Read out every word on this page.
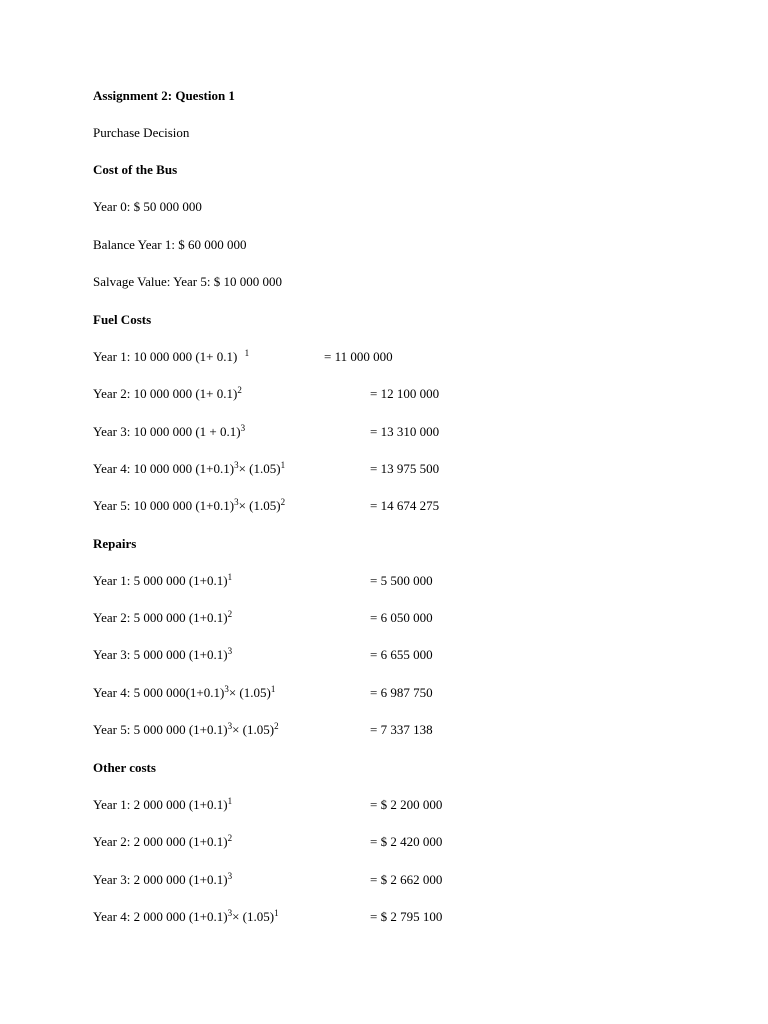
Assignment 2: Question 1
Purchase Decision
Cost of the Bus
Year 0: $ 50 000 000
Balance Year 1: $ 60 000 000
Salvage Value: Year 5: $ 10 000 000
Fuel Costs
Year 1: 10 000 000 (1+ 0.1) $^1$	= 11 000 000
Year 2: 10 000 000 $(1+ 0.1)^2$	= 12 100 000
Year 3: 10 000 000 $(1 + 0.1)^3$	= 13 310 000
Year 4: 10 000 000 $(1+0.1)^3\times (1.05)^1$	= 13 975 500
Year 5: 10 000 000 $(1+0.1)^3\times (1.05)^2$	= 14 674 275
Repairs
Year 1: 5 000 000 $(1+0.1)^1$	= 5 500 000
Year 2: 5 000 000 $(1+0.1)^2$	= 6 050 000
Year 3: 5 000 000 $(1+0.1)^3$	= 6 655 000
Year 4: 5 000 $000(1+0.1)^3\times (1.05)^1$	= 6 987 750
Year 5: 5 000 000 $(1+0.1)^3\times (1.05)^2$	= 7 337 138
Other costs
Year 1: 2 000 000 $(1+0.1)^1$	= $ 2 200 000
Year 2: 2 000 000 $(1+0.1)^2$	= $ 2 420 000
Year 3: 2 000 000 $(1+0.1)^3$	= $ 2 662 000
Year 4: 2 000 000 $(1+0.1)^3\times (1.05)^1$	= $ 2 795 100
